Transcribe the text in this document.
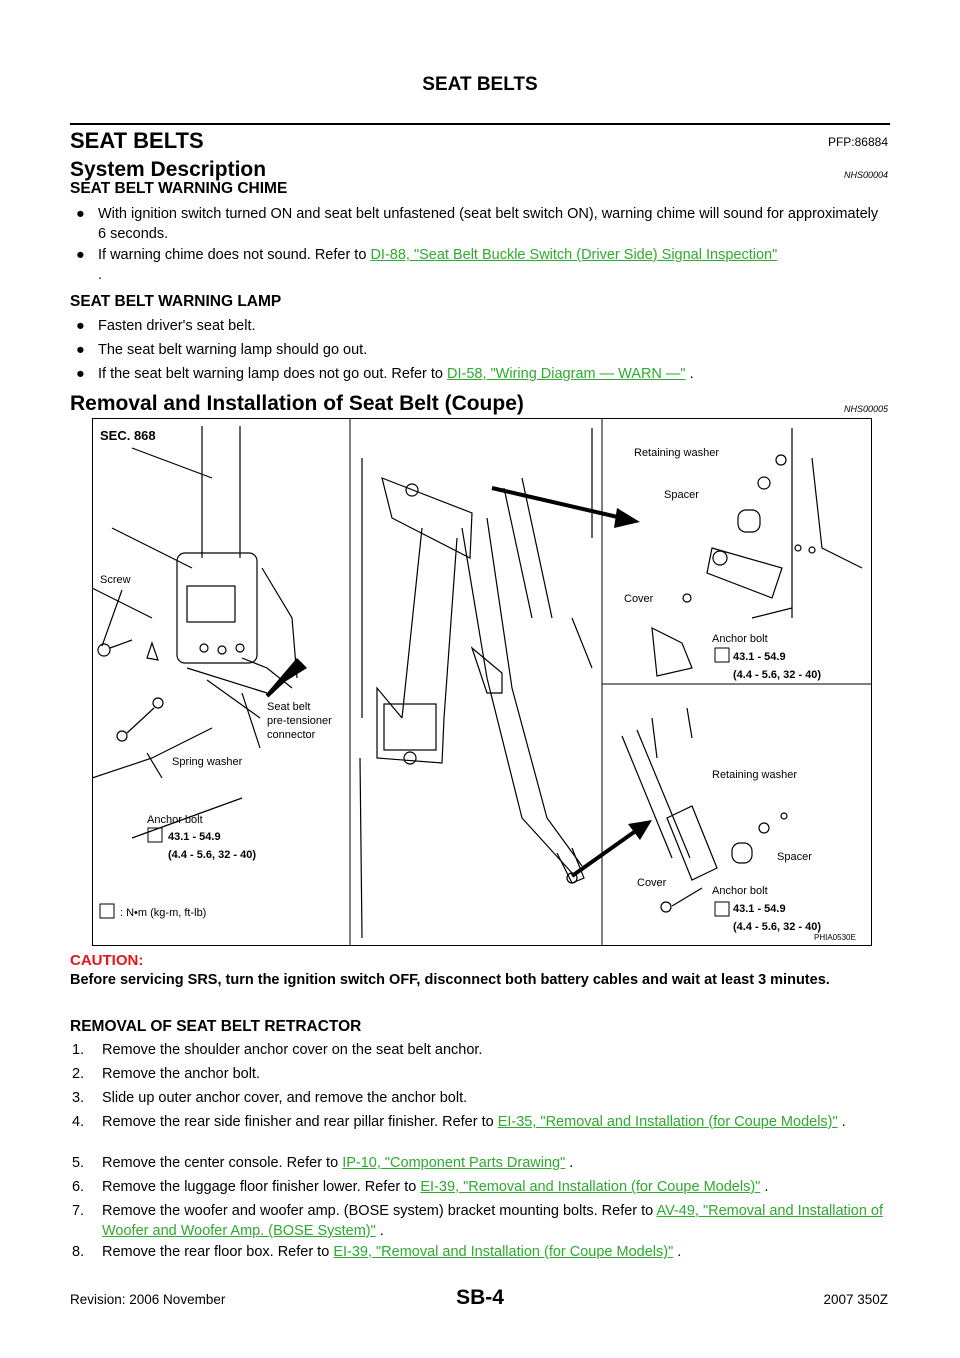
SEAT BELTS
SEAT BELTS	PFP:86884
System Description	NHS00004
SEAT BELT WARNING CHIME
● With ignition switch turned ON and seat belt unfastened (seat belt switch ON), warning chime will sound for approximately 6 seconds.
● If warning chime does not sound. Refer to DI-88, "Seat Belt Buckle Switch (Driver Side) Signal Inspection"
.
SEAT BELT WARNING LAMP
● Fasten driver's seat belt.
● The seat belt warning lamp should go out.
● If the seat belt warning lamp does not go out. Refer to DI-58, "Wiring Diagram — WARN —" .
Removal and Installation of Seat Belt (Coupe)	NHS00005
SEC. 868
Screw
Seat belt
pre-tensioner
connector
Spring washer
Anchor bolt
43.1 - 54.9
(4.4 - 5.6, 32 - 40)
: N•m (kg-m, ft-lb)
Retaining washer
Spacer
Cover
Anchor bolt
43.1 - 54.9
(4.4 - 5.6, 32 - 40)
Retaining washer
Spacer
Cover
Anchor bolt
43.1 - 54.9
(4.4 - 5.6, 32 - 40)
PHIA0530E
CAUTION:
Before servicing SRS, turn the ignition switch OFF, disconnect both battery cables and wait at least 3 minutes.
REMOVAL OF SEAT BELT RETRACTOR
1. Remove the shoulder anchor cover on the seat belt anchor.
2. Remove the anchor bolt.
3. Slide up outer anchor cover, and remove the anchor bolt.
4. Remove the rear side finisher and rear pillar finisher. Refer to EI-35, "Removal and Installation (for Coupe Models)" .
5. Remove the center console. Refer to IP-10, "Component Parts Drawing" .
6. Remove the luggage floor finisher lower. Refer to EI-39, "Removal and Installation (for Coupe Models)" .
7. Remove the woofer and woofer amp. (BOSE system) bracket mounting bolts. Refer to AV-49, "Removal and Installation of Woofer and Woofer Amp. (BOSE System)" .
8. Remove the rear floor box. Refer to EI-39, "Removal and Installation (for Coupe Models)" .
Revision: 2006 November	SB-4	2007 350Z
